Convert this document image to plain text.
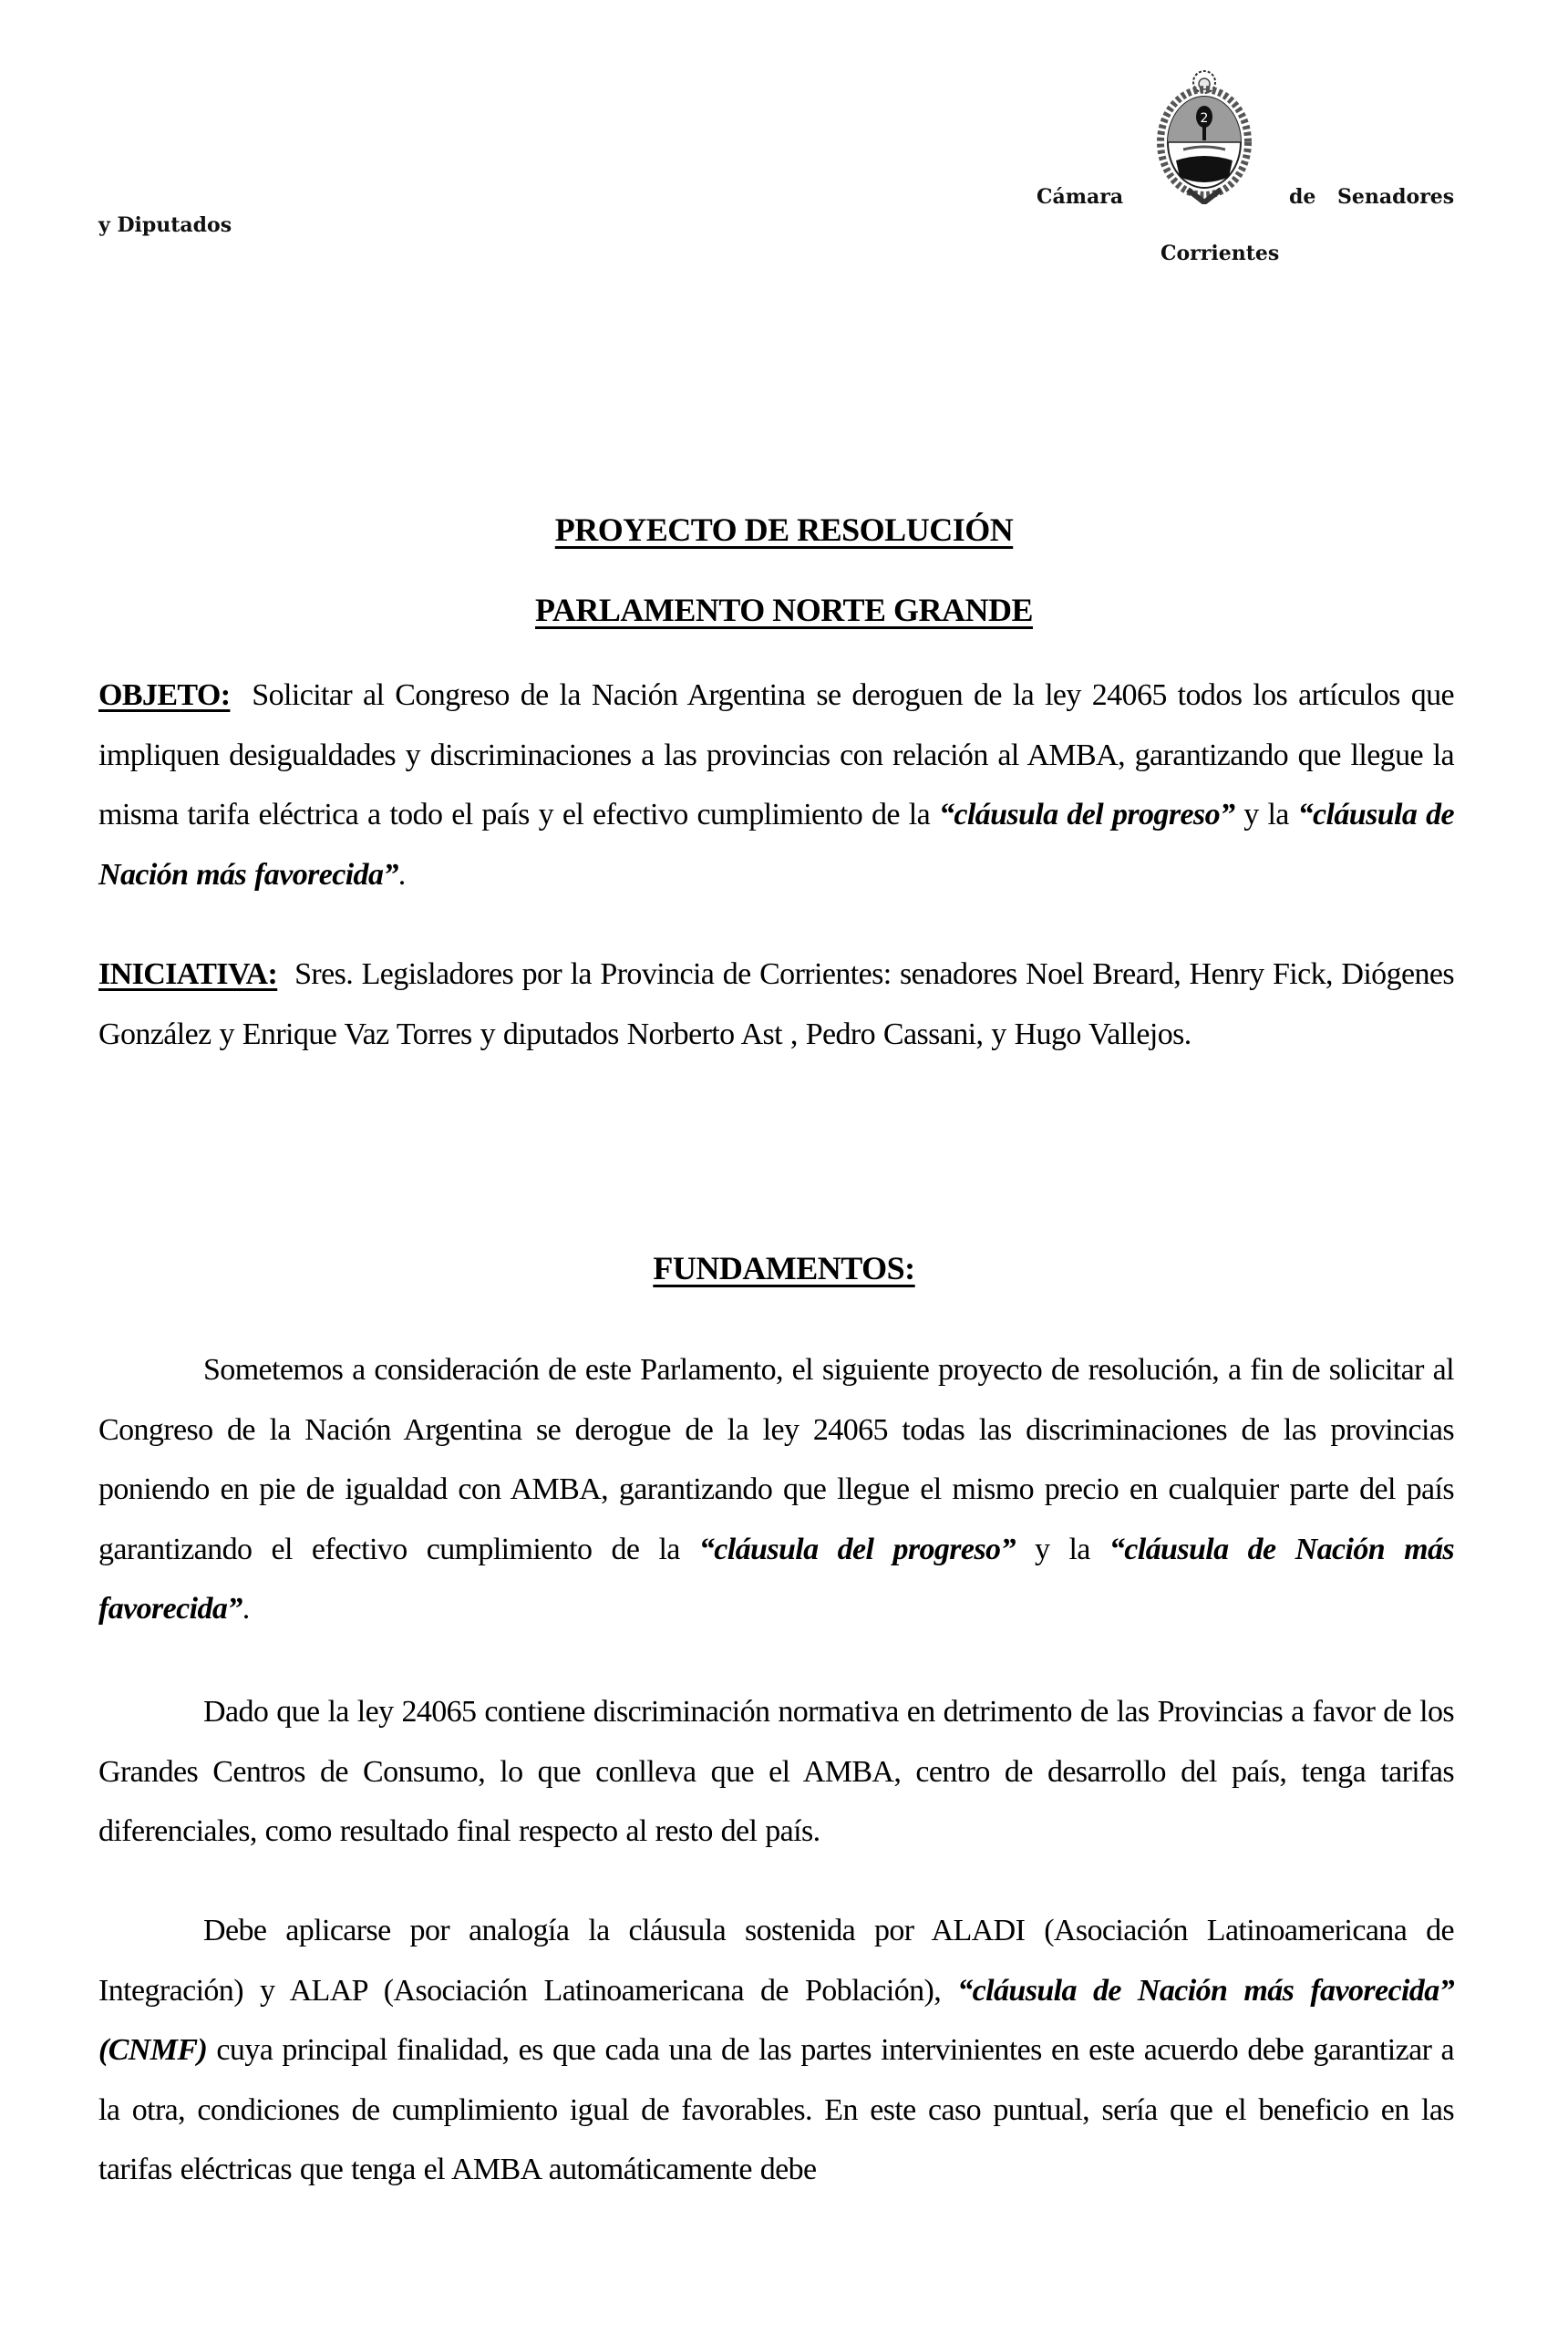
y Diputados
Cámara	de Senadores
Corrientes
2
PROYECTO DE RESOLUCIÓN
PARLAMENTO NORTE GRANDE
OBJETO: Solicitar al Congreso de la Nación Argentina se deroguen de la ley 24065 todos los artículos que impliquen desigualdades y discriminaciones a las provincias con relación al AMBA, garantizando que llegue la misma tarifa eléctrica a todo el país y el efectivo cumplimiento de la “cláusula del progreso” y la “cláusula de Nación más favorecida”.
INICIATIVA: Sres. Legisladores por la Provincia de Corrientes: senadores Noel Breard, Henry Fick, Diógenes González y Enrique Vaz Torres y diputados Norberto Ast , Pedro Cassani, y Hugo Vallejos.
FUNDAMENTOS:
Sometemos a consideración de este Parlamento, el siguiente proyecto de resolución, a fin de solicitar al Congreso de la Nación Argentina se derogue de la ley 24065 todas las discriminaciones de las provincias poniendo en pie de igualdad con AMBA, garantizando que llegue el mismo precio en cualquier parte del país garantizando el efectivo cumplimiento de la “cláusula del progreso” y la “cláusula de Nación más favorecida”.
Dado que la ley 24065 contiene discriminación normativa en detrimento de las Provincias a favor de los Grandes Centros de Consumo, lo que conlleva que el AMBA, centro de desarrollo del país, tenga tarifas diferenciales, como resultado final respecto al resto del país.
Debe aplicarse por analogía la cláusula sostenida por ALADI (Asociación Latinoamericana de Integración) y ALAP (Asociación Latinoamericana de Población), “cláusula de Nación más favorecida” (CNMF) cuya principal finalidad, es que cada una de las partes intervinientes en este acuerdo debe garantizar a la otra, condiciones de cumplimiento igual de favorables. En este caso puntual, sería que el beneficio en las tarifas eléctricas que tenga el AMBA automáticamente debe
